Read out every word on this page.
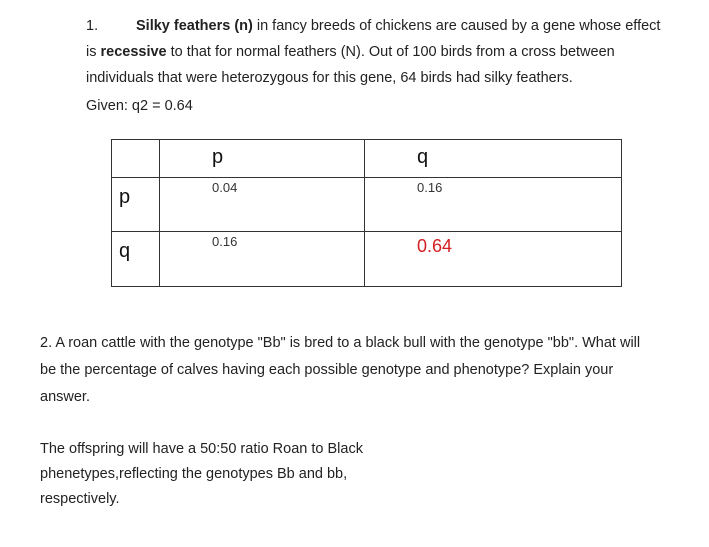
1.	Silky feathers (n) in fancy breeds of chickens are caused by a gene whose effect
is recessive to that for normal feathers (N). Out of 100 birds from a cross between
individuals that were heterozygous for this gene, 64 birds had silky feathers.
Given: q2 = 0.64

	p	q

p	0.04	0.16

q	0.16	0.64
2. A roan cattle with the genotype "Bb" is bred to a black bull with the genotype "bb". What will
be the percentage of calves having each possible genotype and phenotype? Explain your
answer.
The offspring will have a 50:50 ratio Roan to Black
phenetypes,reflecting the genotypes Bb and bb,
respectively.
